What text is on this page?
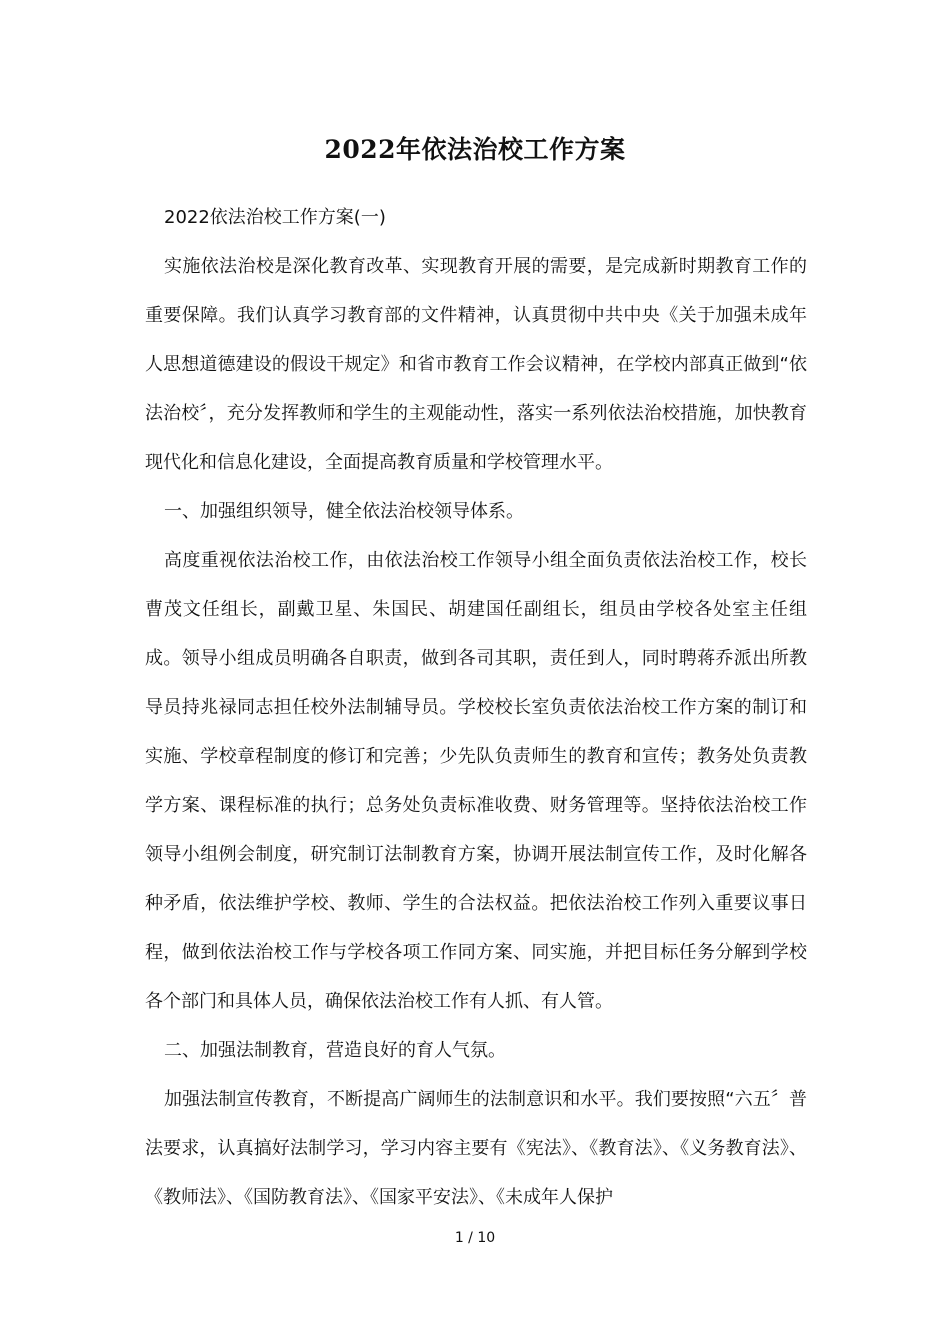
2022年依法治校工作方案

2022依法治校工作方案(一)

实施依法治校是深化教育改革、实现教育开展的需要，是完成新时期教育工作的重要保障。我们认真学习教育部的文件精神，认真贯彻中共中央《关于加强未成年人思想道德建设的假设干规定》和省市教育工作会议精神，在学校内部真正做到“依法治校〞，充分发挥教师和学生的主观能动性，落实一系列依法治校措施，加快教育现代化和信息化建设，全面提高教育质量和学校管理水平。

一、加强组织领导，健全依法治校领导体系。

高度重视依法治校工作，由依法治校工作领导小组全面负责依法治校工作，校长曹茂文任组长，副戴卫星、朱国民、胡建国任副组长，组员由学校各处室主任组成。领导小组成员明确各自职责，做到各司其职，责任到人，同时聘蒋乔派出所教导员持兆禄同志担任校外法制辅导员。学校校长室负责依法治校工作方案的制订和实施、学校章程制度的修订和完善；少先队负责师生的教育和宣传；教务处负责教学方案、课程标准的执行；总务处负责标准收费、财务管理等。坚持依法治校工作领导小组例会制度，研究制订法制教育方案，协调开展法制宣传工作，及时化解各种矛盾，依法维护学校、教师、学生的合法权益。把依法治校工作列入重要议事日程，做到依法治校工作与学校各项工作同方案、同实施，并把目标任务分解到学校各个部门和具体人员，确保依法治校工作有人抓、有人管。

二、加强法制教育，营造良好的育人气氛。

加强法制宣传教育，不断提高广阔师生的法制意识和水平。我们要按照“六五〞普法要求，认真搞好法制学习，学习内容主要有《宪法》、《教育法》、《义务教育法》、《教师法》、《国防教育法》、《国家平安法》、《未成年人保护

1 / 10
